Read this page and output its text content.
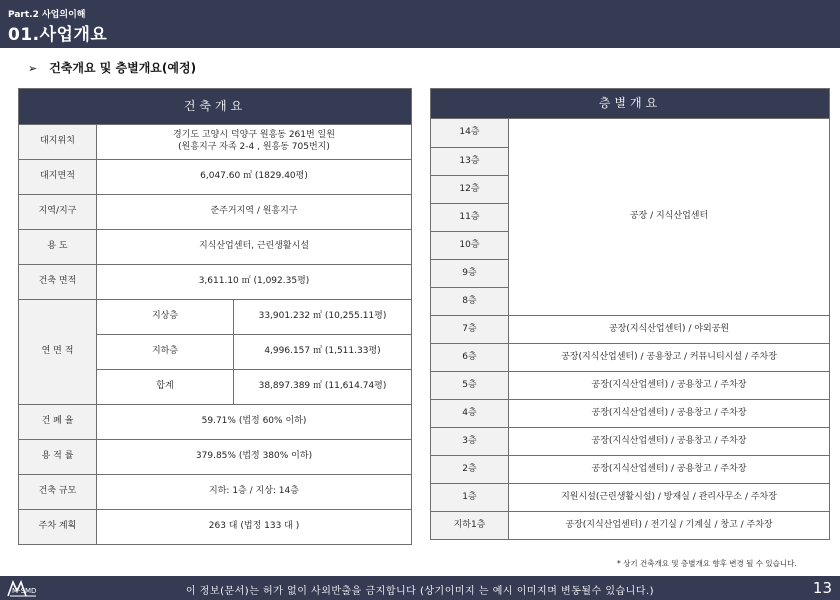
Part.2 사업의이해
01.사업개요
➢ 건축개요 및 층별개요(예정)
건축개요		
대지위치	경기도 고양시 덕양구 원흥동 261번 일원
(원흥지구 자족 2-4 , 원흥동 705번지)	

대지면적	6,047.60 ㎡ (1829.40평)	
지역/지구	준주거지역 / 원흥지구	
용 도	지식산업센터, 근린생활시설	
건축 면적	3,611.10 ㎡ (1,092.35평)	
연 면 적	지상층	33,901.232 ㎡ (10,255.11평)
	지하층	4,996.157 ㎡ (1,511.33평)
	합계	38,897.389 ㎡ (11,614.74평)
건 폐 율	59.71% (법정 60% 이하)	
용 적 률	379.85% (법정 380% 이하)	
건축 규모	지하: 1층 / 지상: 14층	
주차 계획	263 대 (법정 133 대 )	
층별개요	
14층	공장 / 지식산업센터
13층	
12층	
11층	
10층	
9층	
8층	
7층	공장(지식산업센터) / 야외공원
6층	공장(지식산업센터) / 공용창고 / 커뮤니티시설 / 주차장
5층	공장(지식산업센터) / 공용창고 / 주차장
4층	공장(지식산업센터) / 공용창고 / 주차장
3층	공장(지식산업센터) / 공용창고 / 주차장
2층	공장(지식산업센터) / 공용창고 / 주차장
1층	지원시설(근린생활시설) / 방재실 / 관리사무소 / 주차장
지하1층	공장(지식산업센터) / 전기실 / 기계실 / 창고 / 주차장
* 상기 건축개요 및 층별개요 향후 변경 될 수 있습니다.
M-SMD	이 정보(문서)는 허가 없이 사외반출을 금지합니다 (상기이미지 는 예시 이미지며 변동될수 있습니다.)	13
